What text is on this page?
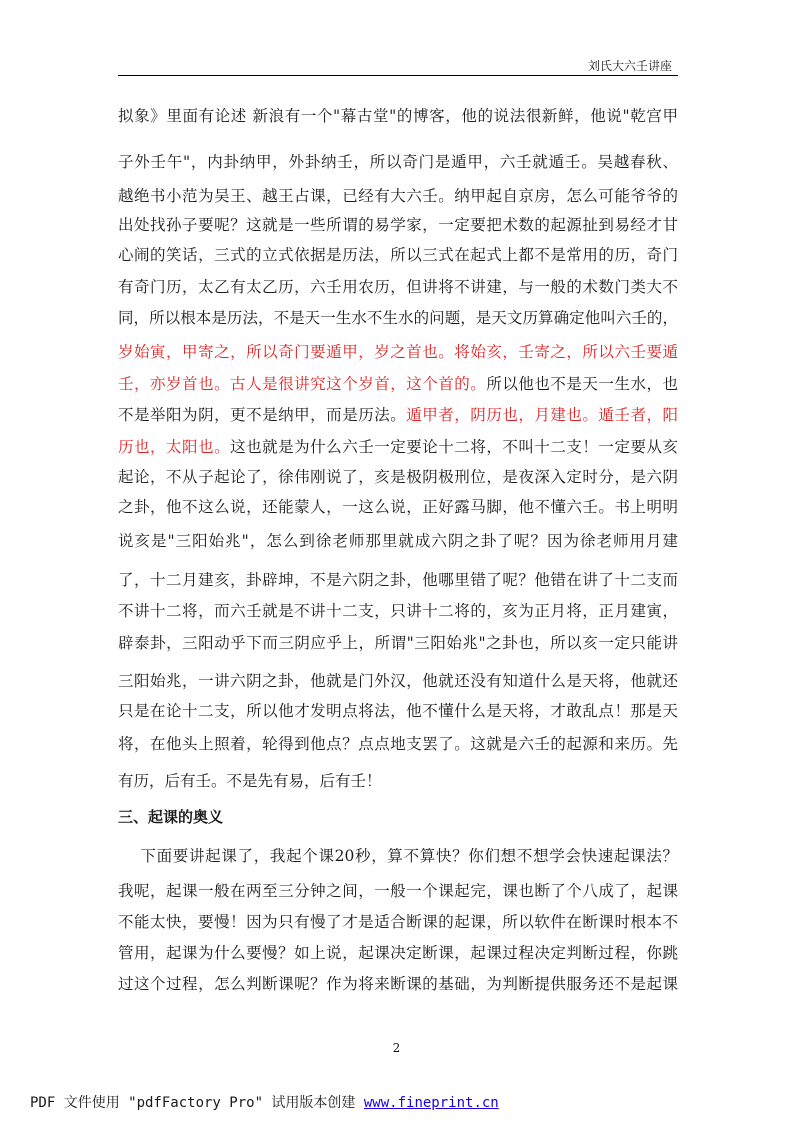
刘氏大六壬讲座
拟象》里面有论述 新浪有一个"幕古堂"的博客，他的说法很新鲜，他说"乾宫甲
子外壬午"，内卦纳甲，外卦纳壬，所以奇门是遁甲，六壬就遁壬。吴越春秋、
越绝书小范为吴王、越王占课，已经有大六壬。纳甲起自京房，怎么可能爷爷的
出处找孙子要呢？这就是一些所谓的易学家，一定要把术数的起源扯到易经才甘
心闹的笑话，三式的立式依据是历法，所以三式在起式上都不是常用的历，奇门
有奇门历，太乙有太乙历，六壬用农历，但讲将不讲建，与一般的术数门类大不
同，所以根本是历法，不是天一生水不生水的问题，是天文历算确定他叫六壬的，
岁始寅，甲寄之，所以奇门要遁甲，岁之首也。将始亥，壬寄之，所以六壬要遁
壬，亦岁首也。古人是很讲究这个岁首，这个首的。所以他也不是天一生水，也
不是举阳为阴，更不是纳甲，而是历法。遁甲者，阴历也，月建也。遁壬者，阳
历也，太阳也。这也就是为什么六壬一定要论十二将，不叫十二支！一定要从亥
起论，不从子起论了，徐伟刚说了，亥是极阴极刑位，是夜深入定时分，是六阴
之卦，他不这么说，还能蒙人，一这么说，正好露马脚，他不懂六壬。书上明明
说亥是"三阳始兆"，怎么到徐老师那里就成六阴之卦了呢？因为徐老师用月建
了，十二月建亥，卦辟坤，不是六阴之卦，他哪里错了呢？他错在讲了十二支而
不讲十二将，而六壬就是不讲十二支，只讲十二将的，亥为正月将，正月建寅，
辟泰卦，三阳动乎下而三阴应乎上，所谓"三阳始兆"之卦也，所以亥一定只能讲
三阳始兆，一讲六阴之卦，他就是门外汉，他就还没有知道什么是天将，他就还
只是在论十二支，所以他才发明点将法，他不懂什么是天将，才敢乱点！那是天
将，在他头上照着，轮得到他点？点点地支罢了。这就是六壬的起源和来历。先
有历，后有壬。不是先有易，后有壬！
三、起课的奥义
下面要讲起课了，我起个课20秒，算不算快？你们想不想学会快速起课法？
我呢，起课一般在两至三分钟之间，一般一个课起完，课也断了个八成了，起课
不能太快，要慢！因为只有慢了才是适合断课的起课，所以软件在断课时根本不
管用，起课为什么要慢？如上说，起课决定断课，起课过程决定判断过程，你跳
过这个过程，怎么判断课呢？作为将来断课的基础，为判断提供服务还不是起课
2
PDF 文件使用 "pdfFactory Pro" 试用版本创建 www.fineprint.cn
